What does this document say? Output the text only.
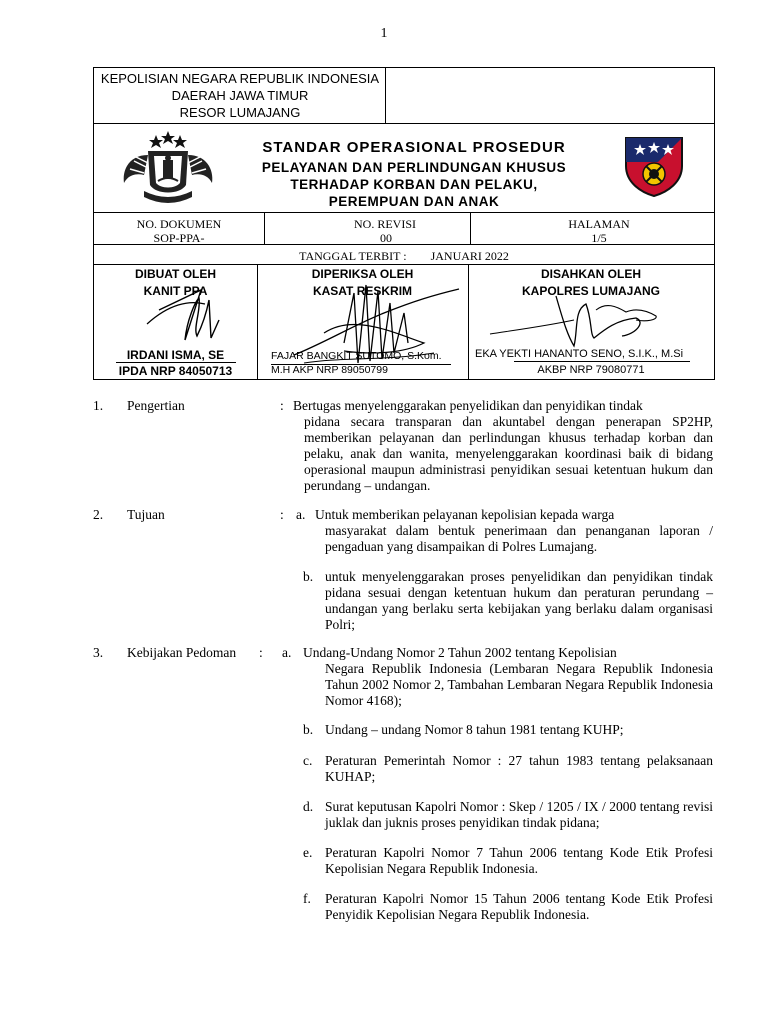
1
KEPOLISIAN NEGARA REPUBLIK INDONESIA
DAERAH JAWA TIMUR
RESOR LUMAJANG
STANDAR OPERASIONAL PROSEDUR
PELAYANAN DAN PERLINDUNGAN KHUSUS
TERHADAP KORBAN DAN PELAKU,
PEREMPUAN DAN ANAK
NO. DOKUMEN
SOP-PPA-
NO. REVISI
00
HALAMAN
1/5
TANGGAL TERBIT : JANUARI 2022
DIBUAT OLEH
KANIT PPA
DIPERIKSA OLEH
KASAT RESKRIM
DISAHKAN OLEH
KAPOLRES LUMAJANG
IRDANI ISMA, SE
IPDA NRP 84050713
FAJAR BANGKIT SUTOMO, S.Kom.
M.H AKP NRP 89050799
EKA YEKTI HANANTO SENO, S.I.K., M.Si
AKBP NRP 79080771
1. Pengertian	: Bertugas menyelenggarakan penyelidikan dan penyidikan tindak
pidana secara transparan dan akuntabel dengan penerapan SP2HP, memberikan pelayanan dan perlindungan khusus terhadap korban dan pelaku, anak dan wanita, menyelenggarakan koordinasi baik di bidang operasional maupun administrasi penyidikan sesuai ketentuan hukum dan perundang – undangan.
2. Tujuan	: a. Untuk memberikan pelayanan kepolisian kepada warga
masyarakat dalam bentuk penerimaan dan penanganan laporan / pengaduan yang disampaikan di Polres Lumajang.
b. untuk menyelenggarakan proses penyelidikan dan penyidikan tindak pidana sesuai dengan ketentuan hukum dan peraturan perundang – undangan yang berlaku serta kebijakan yang berlaku dalam organisasi Polri;
3. Kebijakan Pedoman : a. Undang-Undang Nomor 2 Tahun 2002 tentang Kepolisian
Negara Republik Indonesia (Lembaran Negara Republik Indonesia Tahun 2002 Nomor 2, Tambahan Lembaran Negara Republik Indonesia Nomor 4168);
b. Undang – undang Nomor 8 tahun 1981 tentang KUHP;
c. Peraturan Pemerintah Nomor : 27 tahun 1983 tentang pelaksanaan KUHAP;
d. Surat keputusan Kapolri Nomor : Skep / 1205 / IX / 2000 tentang revisi juklak dan juknis proses penyidikan tindak pidana;
e. Peraturan Kapolri Nomor 7 Tahun 2006 tentang Kode Etik Profesi Kepolisian Negara Republik Indonesia.
f. Peraturan Kapolri Nomor 15 Tahun 2006 tentang Kode Etik Profesi Penyidik Kepolisian Negara Republik Indonesia.
